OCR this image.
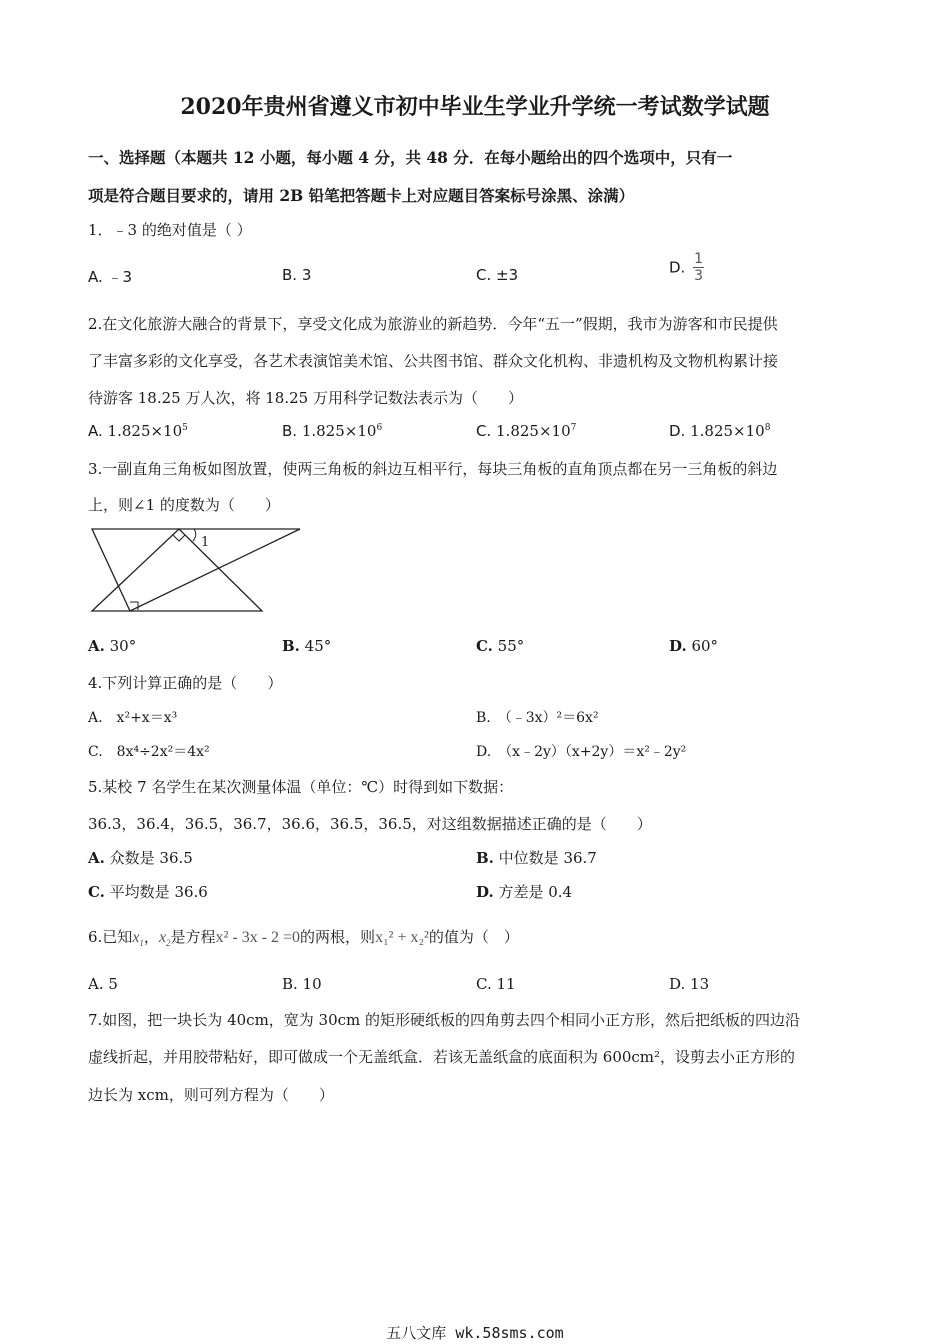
2020年贵州省遵义市初中毕业生学业升学统一考试数学试题
一、选择题（本题共 12 小题，每小题 4 分，共 48 分．在每小题给出的四个选项中，只有一
项是符合题目要求的，请用 2B 铅笔把答题卡上对应题目答案标号涂黑、涂满）
1．﹣3 的绝对值是（ ）
A. ﹣3	B. 3	C. ±3	D. $\frac{1}{3}$
2.在文化旅游大融合的背景下，享受文化成为旅游业的新趋势．今年“五一”假期，我市为游客和市民提供
了丰富多彩的文化享受，各艺术表演馆美术馆、公共图书馆、群众文化机构、非遗机构及文物机构累计接
待游客 18.25 万人次，将 18.25 万用科学记数法表示为（　　）
A. $1.825\times 10^5$	B. $1.825\times 10^6$	C. $1.825\times 10^7$	D. $1.825\times 10^8$
3.一副直角三角板如图放置，使两三角板的斜边互相平行，每块三角板的直角顶点都在另一三角板的斜边
上，则∠1 的度数为（　　）
1
A. 30°	B. 45°	C. 55°	D. 60°
4.下列计算正确的是（　　）
A.　x²+x＝x³	B.　（﹣3x）²＝6x²
C.　8x⁴÷2x²＝4x²	D.　（x﹣2y）（x+2y）＝x²﹣2y²
5.某校 7 名学生在某次测量体温（单位：℃）时得到如下数据：
36.3，36.4，36.5，36.7，36.6，36.5，36.5，对这组数据描述正确的是（　　）
A. 众数是 36.5	B. 中位数是 36.7
C. 平均数是 36.6	D. 方差是 0.4
6.已知$x_1$，$x_2$是方程x² - 3x - 2 =0的两根，则x₁² + x₂²的值为（　）
A. 5	B. 10	C. 11	D. 13
7.如图，把一块长为 40cm，宽为 30cm 的矩形硬纸板的四角剪去四个相同小正方形，然后把纸板的四边沿
虚线折起，并用胶带粘好，即可做成一个无盖纸盒．若该无盖纸盒的底面积为 600cm²，设剪去小正方形的
边长为 xcm，则可列方程为（　　）
五八文库 wk.58sms.com
